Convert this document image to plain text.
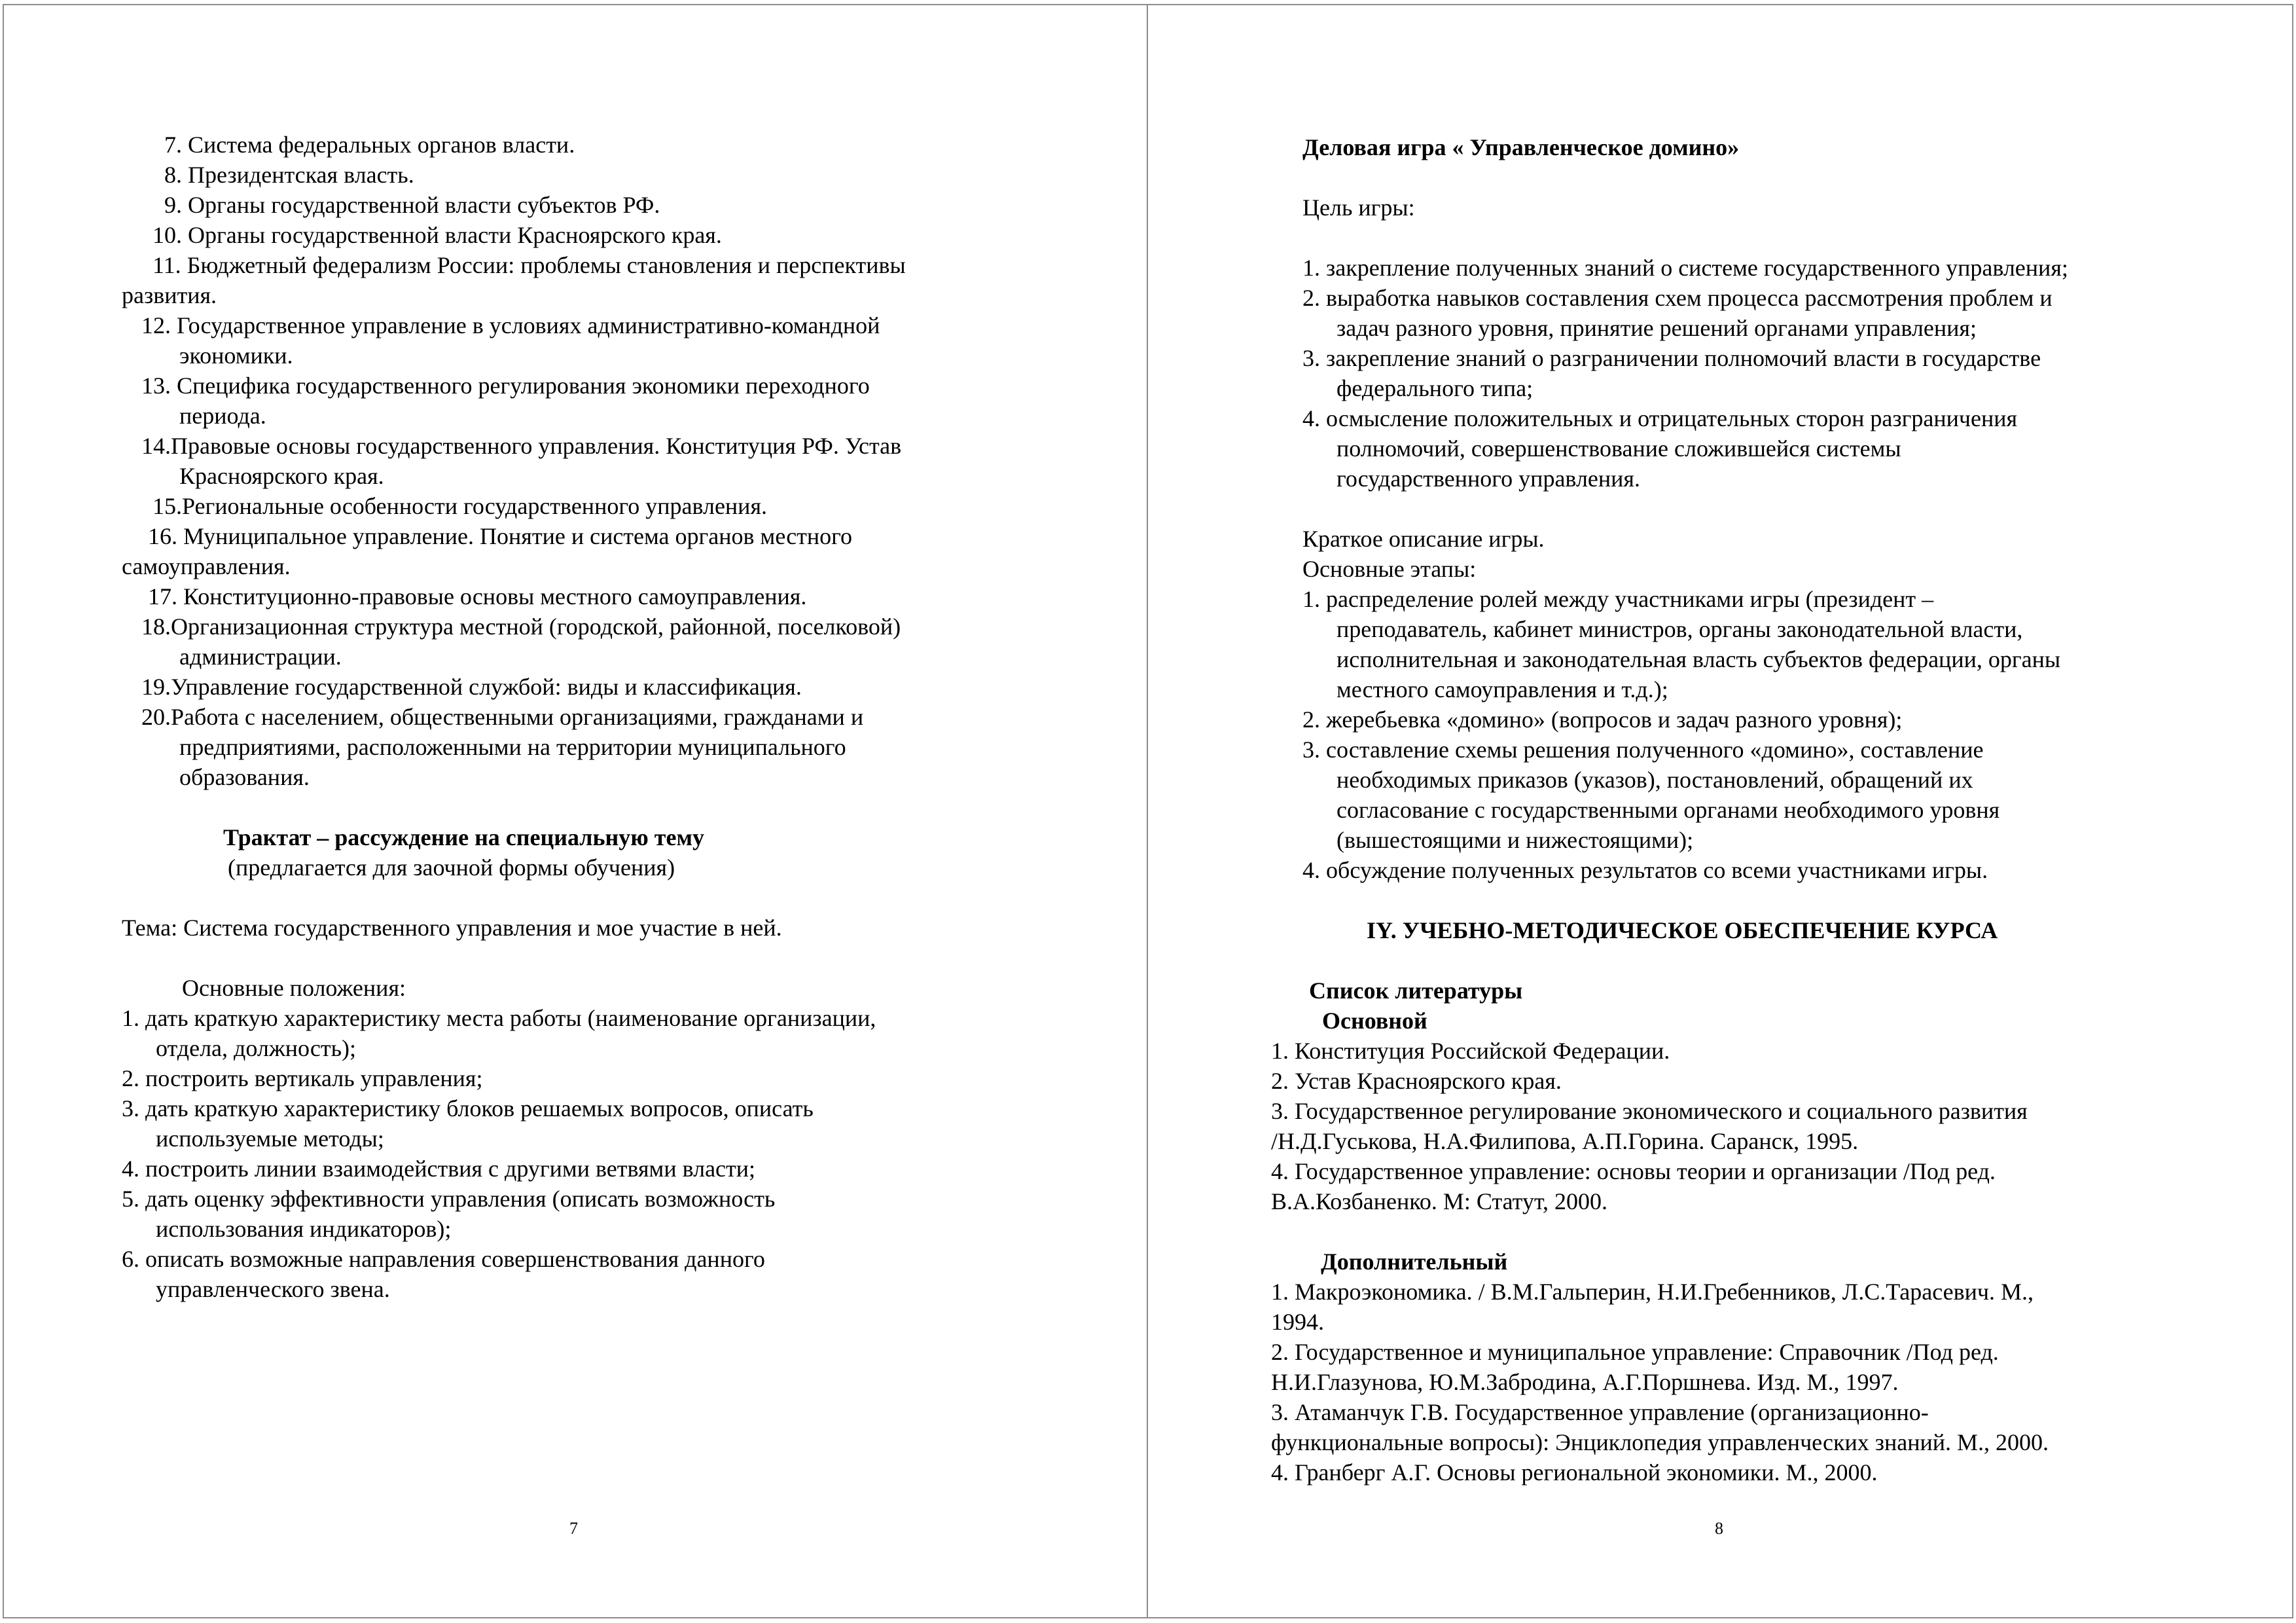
7. Система федеральных органов власти.
8. Президентская власть.
9. Органы государственной власти субъектов РФ.
10. Органы государственной власти Красноярского края.
11. Бюджетный федерализм России: проблемы становления и перспективы
развития.
12. Государственное управление в условиях административно-командной
экономики.
13. Специфика государственного регулирования экономики переходного
периода.
14.Правовые основы государственного управления. Конституция РФ. Устав
Красноярского края.
15.Региональные особенности государственного управления.
16. Муниципальное управление. Понятие и система органов местного
самоуправления.
17. Конституционно-правовые основы местного самоуправления.
18.Организационная структура местной (городской, районной, поселковой)
администрации.
19.Управление государственной службой: виды и классификация.
20.Работа с населением, общественными организациями, гражданами и
предприятиями, расположенными на территории муниципального
образования.
Трактат – рассуждение на специальную тему
(предлагается для заочной формы обучения)
Тема: Система государственного управления и мое участие в ней.
Основные положения:
1. дать краткую характеристику места работы (наименование организации,
отдела, должность);
2. построить вертикаль управления;
3. дать краткую характеристику блоков решаемых вопросов, описать
используемые методы;
4. построить линии взаимодействия с другими ветвями власти;
5. дать оценку эффективности управления (описать возможность
использования индикаторов);
6. описать возможные направления совершенствования данного
управленческого звена.
7
Деловая игра « Управленческое домино»
Цель игры:
1. закрепление полученных знаний о системе государственного управления;
2. выработка навыков составления схем процесса рассмотрения проблем и
задач разного уровня, принятие решений органами управления;
3. закрепление знаний о разграничении полномочий власти в государстве
федерального типа;
4. осмысление положительных и отрицательных сторон разграничения
полномочий, совершенствование сложившейся системы
государственного управления.
Краткое описание игры.
Основные этапы:
1. распределение ролей между участниками игры (президент –
преподаватель, кабинет министров, органы законодательной власти,
исполнительная и законодательная власть субъектов федерации, органы
местного самоуправления и т.д.);
2. жеребьевка «домино» (вопросов и задач разного уровня);
3. составление схемы решения полученного «домино», составление
необходимых приказов (указов), постановлений, обращений их
согласование с государственными органами необходимого уровня
(вышестоящими и нижестоящими);
4. обсуждение полученных результатов со всеми участниками игры.
IY. УЧЕБНО-МЕТОДИЧЕСКОЕ ОБЕСПЕЧЕНИЕ КУРСА
Список литературы
Основной
1. Конституция Российской Федерации.
2. Устав Красноярского края.
3. Государственное регулирование экономического и социального развития
/Н.Д.Гуськова, Н.А.Филипова, А.П.Горина. Саранск, 1995.
4. Государственное управление: основы теории и организации /Под ред.
В.А.Козбаненко. М: Статут, 2000.
Дополнительный
1. Макроэкономика. / В.М.Гальперин, Н.И.Гребенников, Л.С.Тарасевич. М.,
1994.
2. Государственное и муниципальное управление: Справочник /Под ред.
Н.И.Глазунова, Ю.М.Забродина, А.Г.Поршнева. Изд. М., 1997.
3. Атаманчук Г.В. Государственное управление (организационно-
функциональные вопросы): Энциклопедия управленческих знаний. М., 2000.
4. Гранберг А.Г. Основы региональной экономики. М., 2000.
8
